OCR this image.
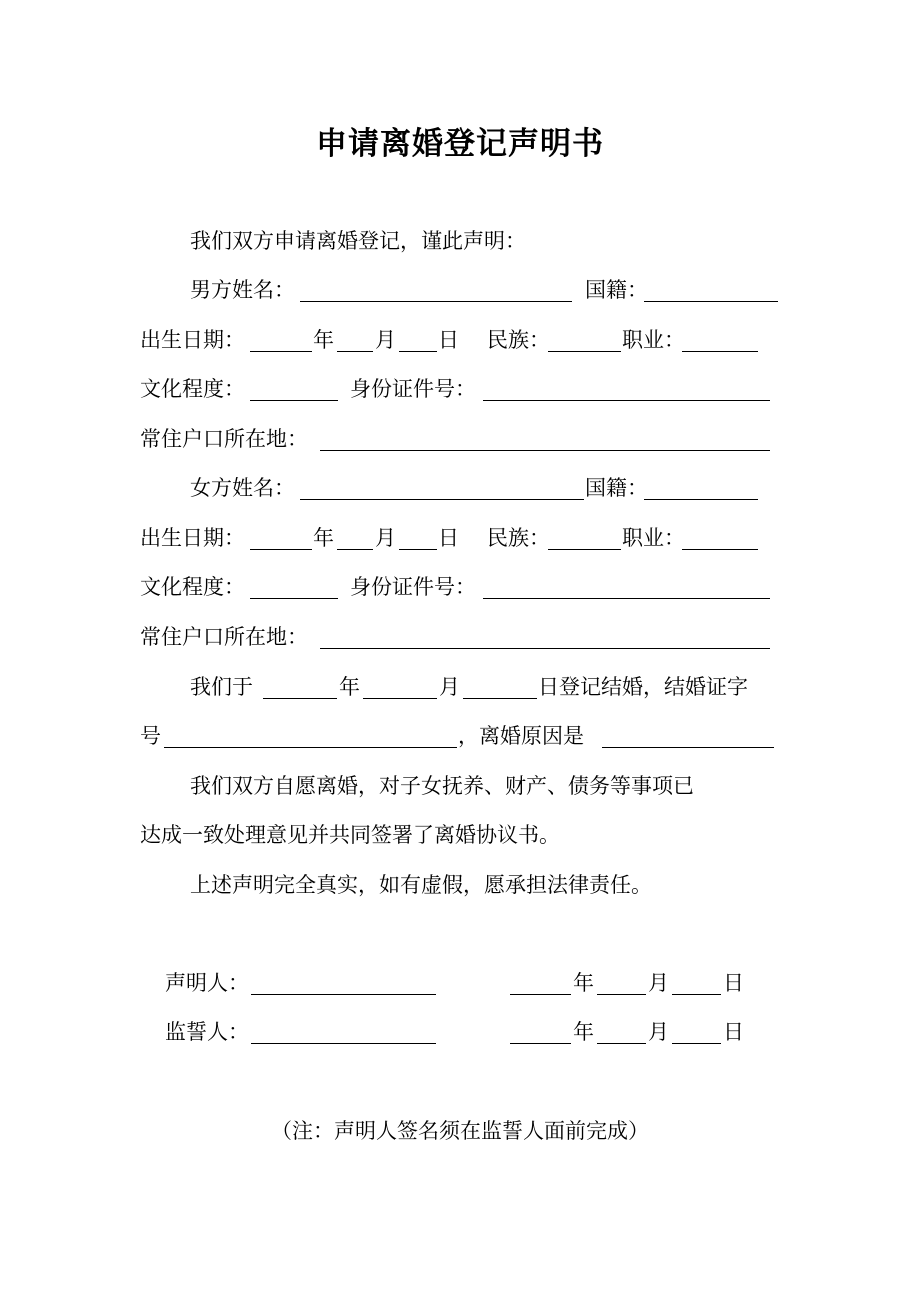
申请离婚登记声明书
我们双方申请离婚登记，谨此声明：
男方姓名：	国籍：
出生日期：	年 月 日 民族：	职业：
文化程度：	身份证件号：
常住户口所在地：
女方姓名：	国籍：
出生日期：	年 月 日 民族：	职业：
文化程度：	身份证件号：
常住户口所在地：
我们于	年	月	日登记结婚，结婚证字
号	，离婚原因是
我们双方自愿离婚，对子女抚养、财产、债务等事项已
达成一致处理意见并共同签署了离婚协议书。
上述声明完全真实，如有虚假，愿承担法律责任。
声明人：	年	月	日
监誓人：	年	月	日
（注：声明人签名须在监誓人面前完成）
